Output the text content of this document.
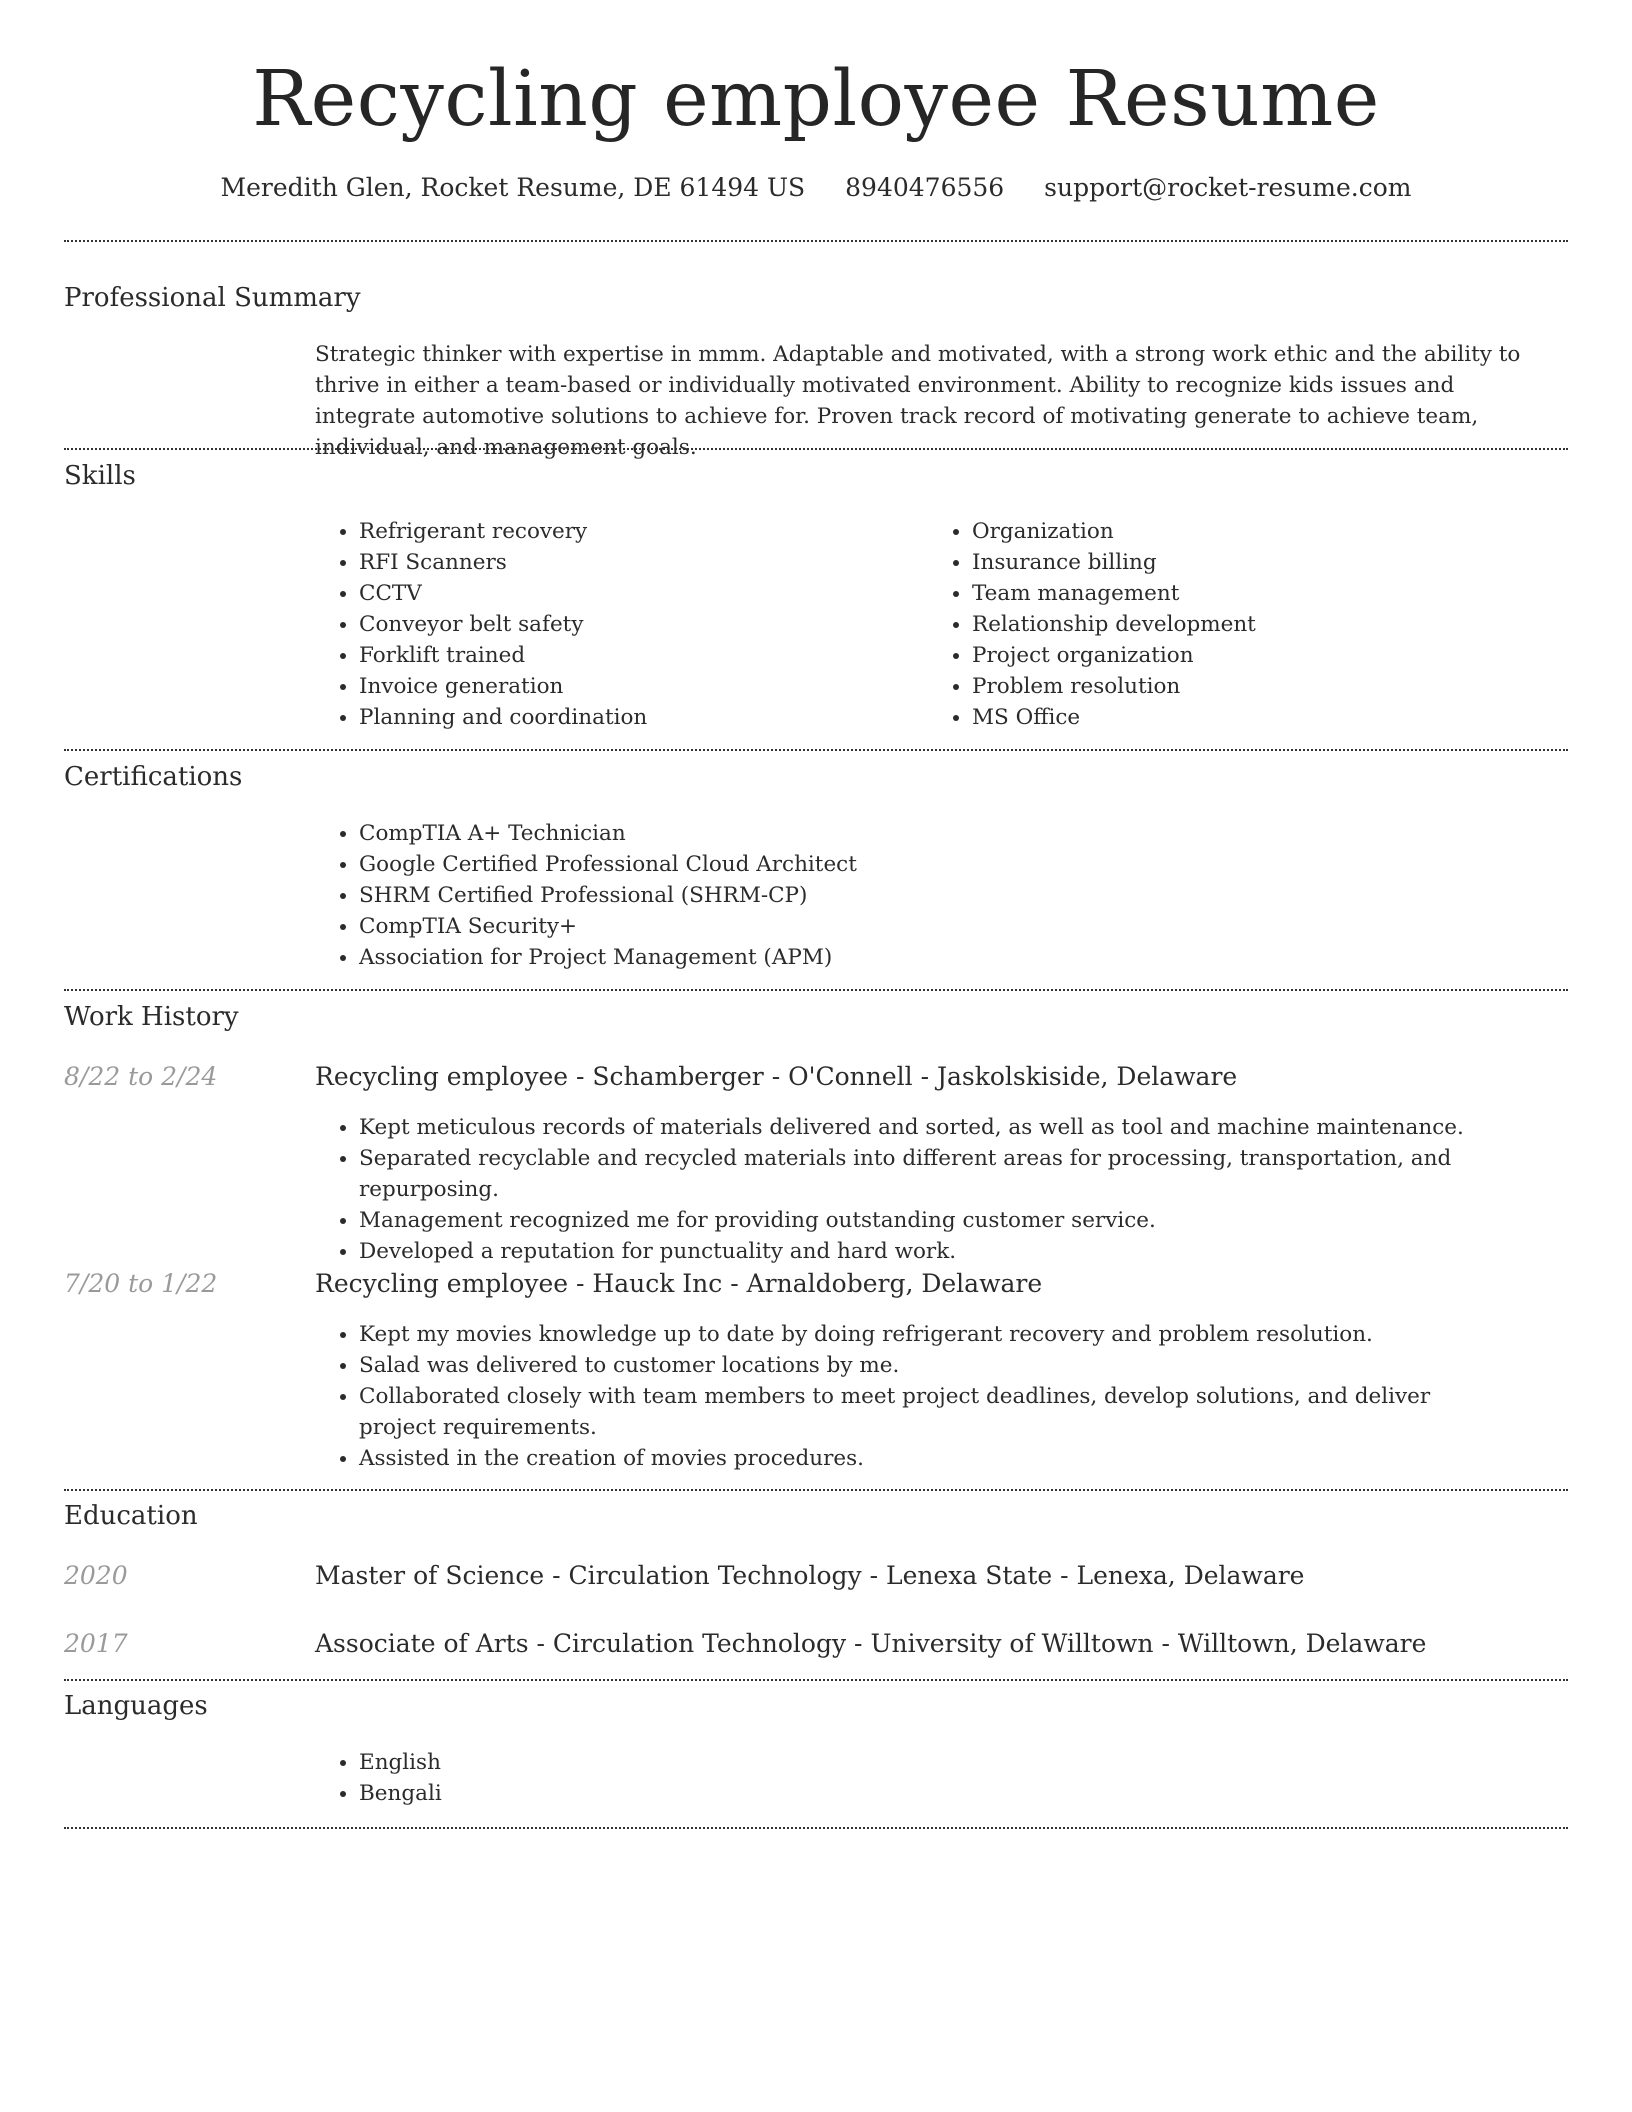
Recycling employee Resume
Meredith Glen, Rocket Resume, DE 61494 US 8940476556 support@rocket-resume.com
Professional Summary

Strategic thinker with expertise in mmm. Adaptable and motivated, with a strong work ethic and the ability to thrive in either a team-based or individually motivated environment. Ability to recognize kids issues and integrate automotive solutions to achieve for. Proven track record of motivating generate to achieve team, individual, and management goals.

Skills
• Refrigerant recovery
• RFI Scanners
• CCTV
• Conveyor belt safety
• Forklift trained
• Invoice generation
• Planning and coordination
• Organization
• Insurance billing
• Team management
• Relationship development
• Project organization
• Problem resolution
• MS Office
Certifications
• CompTIA A+ Technician
• Google Certified Professional Cloud Architect
• SHRM Certified Professional (SHRM-CP)
• CompTIA Security+
• Association for Project Management (APM)
Work History
8/22 to 2/24	Recycling employee - Schamberger - O'Connell - Jaskolskiside, Delaware
• Kept meticulous records of materials delivered and sorted, as well as tool and machine maintenance.
• Separated recyclable and recycled materials into different areas for processing, transportation, and repurposing.
• Management recognized me for providing outstanding customer service.
• Developed a reputation for punctuality and hard work.
7/20 to 1/22	Recycling employee - Hauck Inc - Arnaldoberg, Delaware
• Kept my movies knowledge up to date by doing refrigerant recovery and problem resolution.
• Salad was delivered to customer locations by me.
• Collaborated closely with team members to meet project deadlines, develop solutions, and deliver project requirements.
• Assisted in the creation of movies procedures.
Education
2020	Master of Science - Circulation Technology - Lenexa State - Lenexa, Delaware
2017	Associate of Arts - Circulation Technology - University of Willtown - Willtown, Delaware
Languages
• English
• Bengali
